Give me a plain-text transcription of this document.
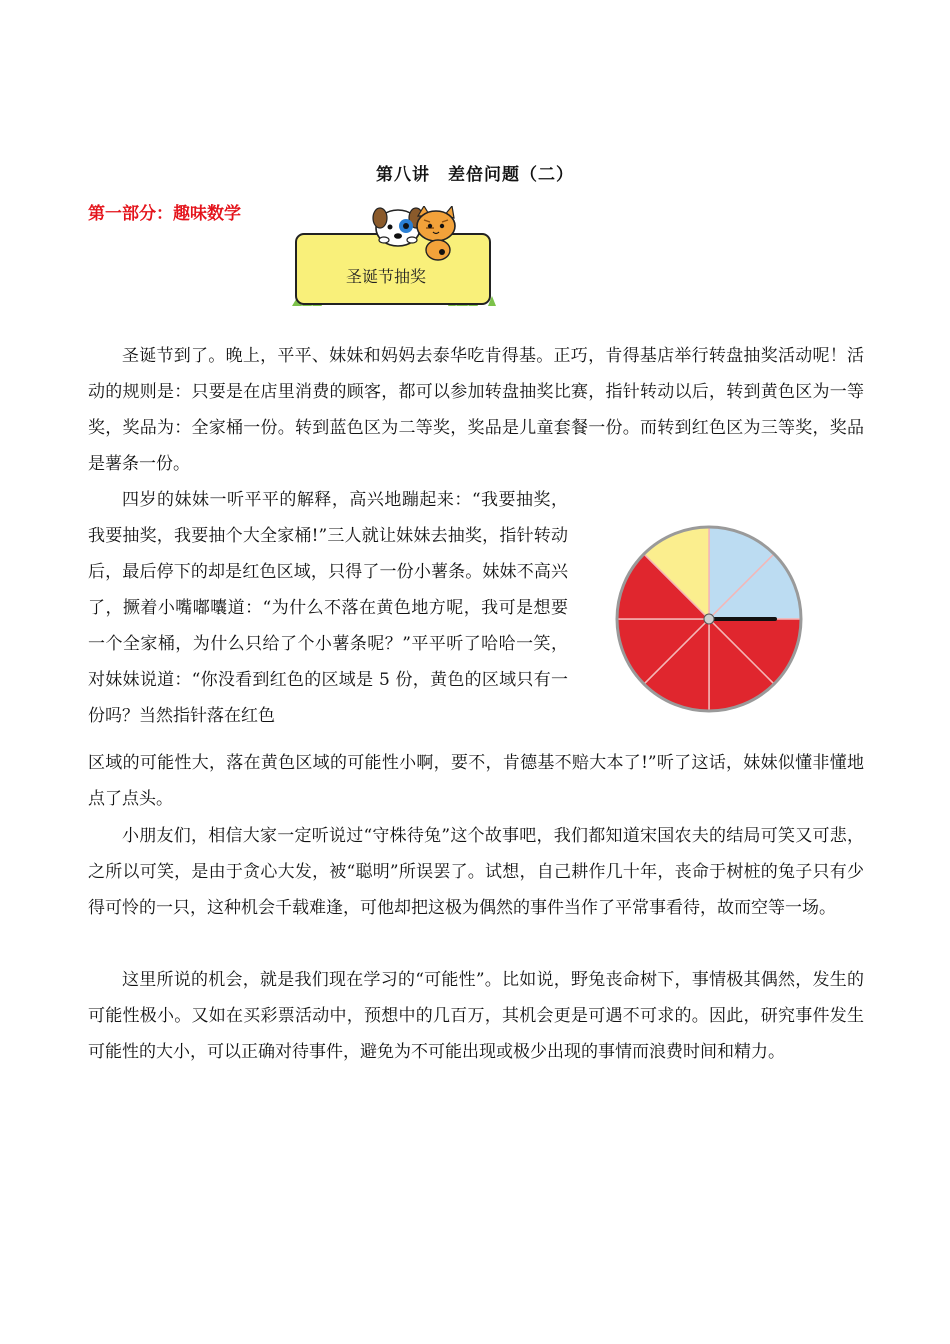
第八讲　差倍问题（二）
第一部分：趣味数学
圣诞节抽奖

圣诞节到了。晚上，平平、妹妹和妈妈去泰华吃肯得基。正巧，肯得基店举行转盘抽奖活动呢！活动的规则是：只要是在店里消费的顾客，都可以参加转盘抽奖比赛，指针转动以后，转到黄色区为一等奖，奖品为：全家桶一份。转到蓝色区为二等奖，奖品是儿童套餐一份。而转到红色区为三等奖，奖品是薯条一份。

四岁的妹妹一听平平的解释，高兴地蹦起来：“我要抽奖，我要抽奖，我要抽个大全家桶!”三人就让妹妹去抽奖，指针转动后，最后停下的却是红色区域，只得了一份小薯条。妹妹不高兴了，撅着小嘴嘟囔道：“为什么不落在黄色地方呢，我可是想要一个全家桶，为什么只给了个小薯条呢？”平平听了哈哈一笑，对妹妹说道：“你没看到红色的区域是 5 份，黄色的区域只有一份吗？当然指针落在红色

区域的可能性大，落在黄色区域的可能性小啊，要不，肯德基不赔大本了!”听了这话，妹妹似懂非懂地点了点头。

小朋友们，相信大家一定听说过“守株待兔”这个故事吧，我们都知道宋国农夫的结局可笑又可悲，之所以可笑，是由于贪心大发，被“聪明”所误罢了。试想，自己耕作几十年，丧命于树桩的兔子只有少得可怜的一只，这种机会千载难逢，可他却把这极为偶然的事件当作了平常事看待，故而空等一场。

这里所说的机会，就是我们现在学习的“可能性”。比如说，野兔丧命树下，事情极其偶然，发生的可能性极小。又如在买彩票活动中，预想中的几百万，其机会更是可遇不可求的。因此，研究事件发生可能性的大小，可以正确对待事件，避免为不可能出现或极少出现的事情而浪费时间和精力。
